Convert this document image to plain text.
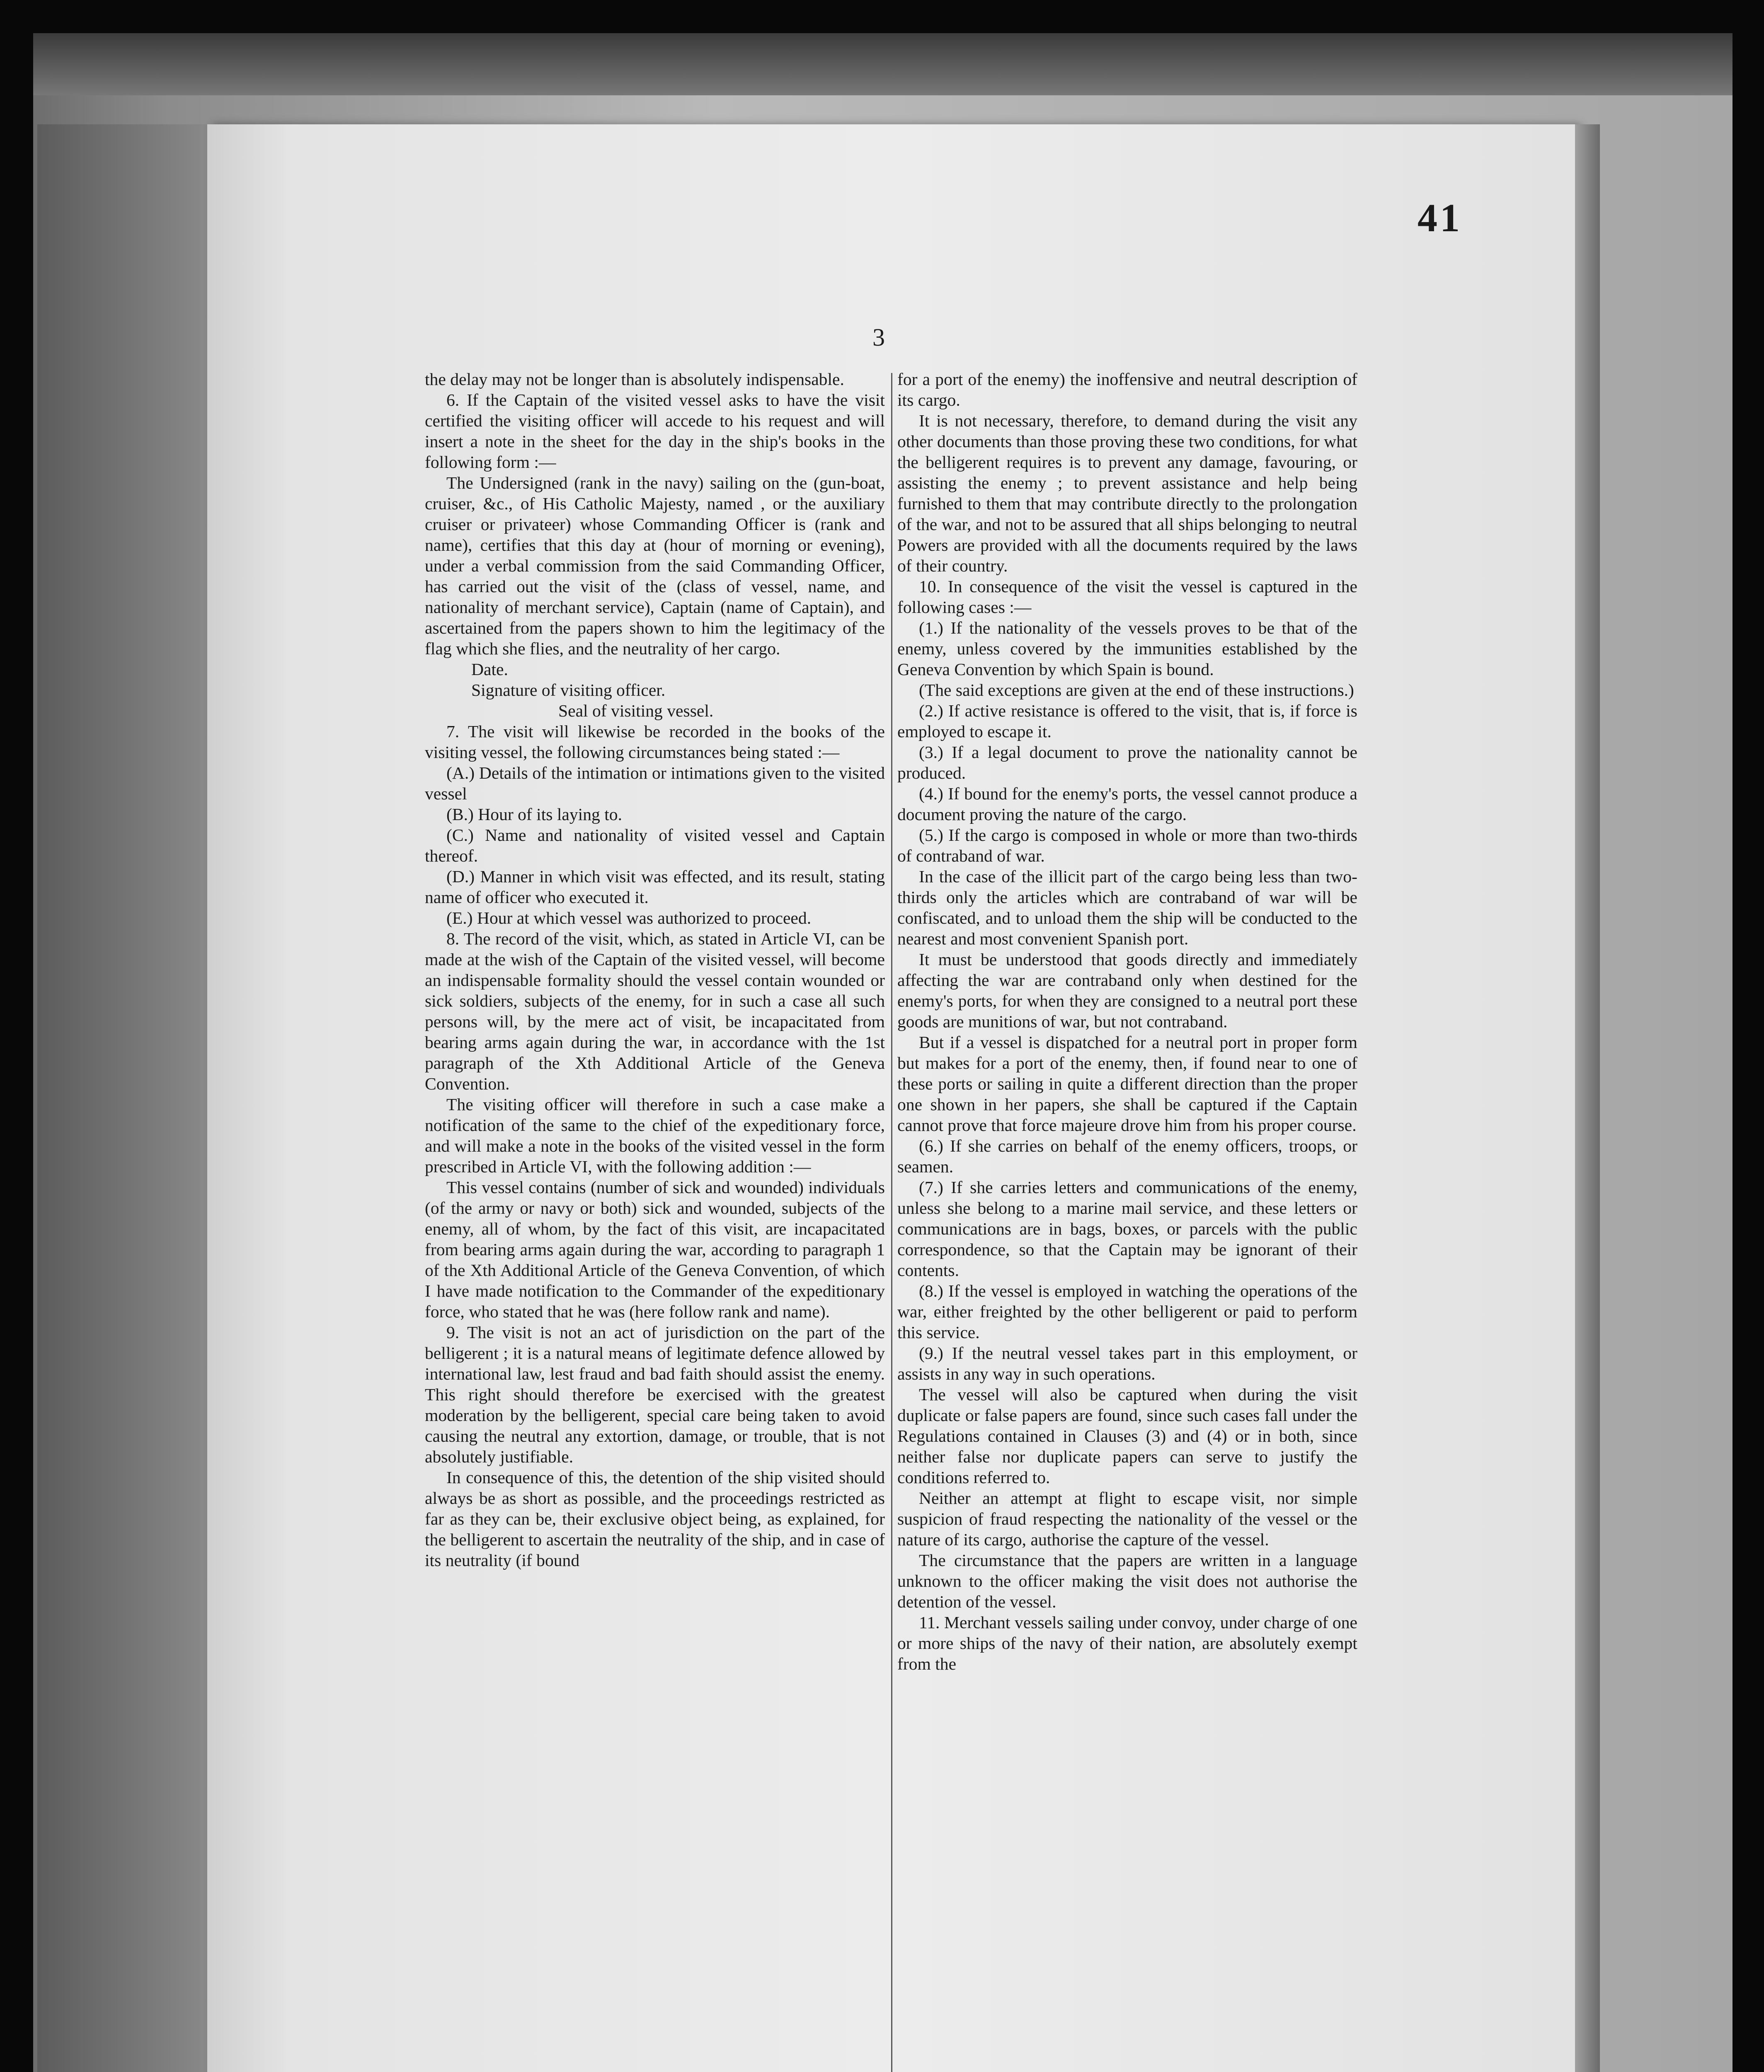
41
3

the delay may not be longer than is absolutely indispensable.

6. If the Captain of the visited vessel asks to have the visit certified the visiting officer will accede to his request and will insert a note in the sheet for the day in the ship's books in the following form :—

The Undersigned (rank in the navy) sailing on the (gun-boat, cruiser, &c., of His Catholic Majesty, named , or the auxiliary cruiser or privateer) whose Commanding Officer is (rank and name), certifies that this day at (hour of morning or evening), under a verbal commission from the said Commanding Officer, has carried out the visit of the (class of vessel, name, and nationality of merchant service), Captain (name of Captain), and ascertained from the papers shown to him the legitimacy of the flag which she flies, and the neutrality of her cargo.

Date.

Signature of visiting officer.

Seal of visiting vessel.

7. The visit will likewise be recorded in the books of the visiting vessel, the following circumstances being stated :—

(A.) Details of the intimation or intimations given to the visited vessel

(B.) Hour of its laying to.

(C.) Name and nationality of visited vessel and Captain thereof.

(D.) Manner in which visit was effected, and its result, stating name of officer who executed it.

(E.) Hour at which vessel was authorized to proceed.

8. The record of the visit, which, as stated in Article VI, can be made at the wish of the Captain of the visited vessel, will become an indispensable formality should the vessel contain wounded or sick soldiers, subjects of the enemy, for in such a case all such persons will, by the mere act of visit, be incapacitated from bearing arms again during the war, in accordance with the 1st paragraph of the Xth Additional Article of the Geneva Convention.

The visiting officer will therefore in such a case make a notification of the same to the chief of the expeditionary force, and will make a note in the books of the visited vessel in the form prescribed in Article VI, with the following addition :—

This vessel contains (number of sick and wounded) individuals (of the army or navy or both) sick and wounded, subjects of the enemy, all of whom, by the fact of this visit, are incapacitated from bearing arms again during the war, according to paragraph 1 of the Xth Additional Article of the Geneva Convention, of which I have made notification to the Commander of the expeditionary force, who stated that he was (here follow rank and name).

9. The visit is not an act of jurisdiction on the part of the belligerent ; it is a natural means of legitimate defence allowed by international law, lest fraud and bad faith should assist the enemy. This right should therefore be exercised with the greatest moderation by the belligerent, special care being taken to avoid causing the neutral any extortion, damage, or trouble, that is not absolutely justifiable.

In consequence of this, the detention of the ship visited should always be as short as possible, and the proceedings restricted as far as they can be, their exclusive object being, as explained, for the belligerent to ascertain the neutrality of the ship, and in case of its neutrality (if bound

for a port of the enemy) the inoffensive and neutral description of its cargo.

It is not necessary, therefore, to demand during the visit any other documents than those proving these two conditions, for what the belligerent requires is to prevent any damage, favouring, or assisting the enemy ; to prevent assistance and help being furnished to them that may contribute directly to the prolongation of the war, and not to be assured that all ships belonging to neutral Powers are provided with all the documents required by the laws of their country.

10. In consequence of the visit the vessel is captured in the following cases :—

(1.) If the nationality of the vessels proves to be that of the enemy, unless covered by the immunities established by the Geneva Convention by which Spain is bound.

(The said exceptions are given at the end of these instructions.)

(2.) If active resistance is offered to the visit, that is, if force is employed to escape it.

(3.) If a legal document to prove the nationality cannot be produced.

(4.) If bound for the enemy's ports, the vessel cannot produce a document proving the nature of the cargo.

(5.) If the cargo is composed in whole or more than two-thirds of contraband of war.

In the case of the illicit part of the cargo being less than two-thirds only the articles which are contraband of war will be confiscated, and to unload them the ship will be conducted to the nearest and most convenient Spanish port.

It must be understood that goods directly and immediately affecting the war are contraband only when destined for the enemy's ports, for when they are consigned to a neutral port these goods are munitions of war, but not contraband.

But if a vessel is dispatched for a neutral port in proper form but makes for a port of the enemy, then, if found near to one of these ports or sailing in quite a different direction than the proper one shown in her papers, she shall be captured if the Captain cannot prove that force majeure drove him from his proper course.

(6.) If she carries on behalf of the enemy officers, troops, or seamen.

(7.) If she carries letters and communications of the enemy, unless she belong to a marine mail service, and these letters or communications are in bags, boxes, or parcels with the public correspondence, so that the Captain may be ignorant of their contents.

(8.) If the vessel is employed in watching the operations of the war, either freighted by the other belligerent or paid to perform this service.

(9.) If the neutral vessel takes part in this employment, or assists in any way in such operations.

The vessel will also be captured when during the visit duplicate or false papers are found, since such cases fall under the Regulations contained in Clauses (3) and (4) or in both, since neither false nor duplicate papers can serve to justify the conditions referred to.

Neither an attempt at flight to escape visit, nor simple suspicion of fraud respecting the nationality of the vessel or the nature of its cargo, authorise the capture of the vessel.

The circumstance that the papers are written in a language unknown to the officer making the visit does not authorise the detention of the vessel.

11. Merchant vessels sailing under convoy, under charge of one or more ships of the navy of their nation, are absolutely exempt from the
